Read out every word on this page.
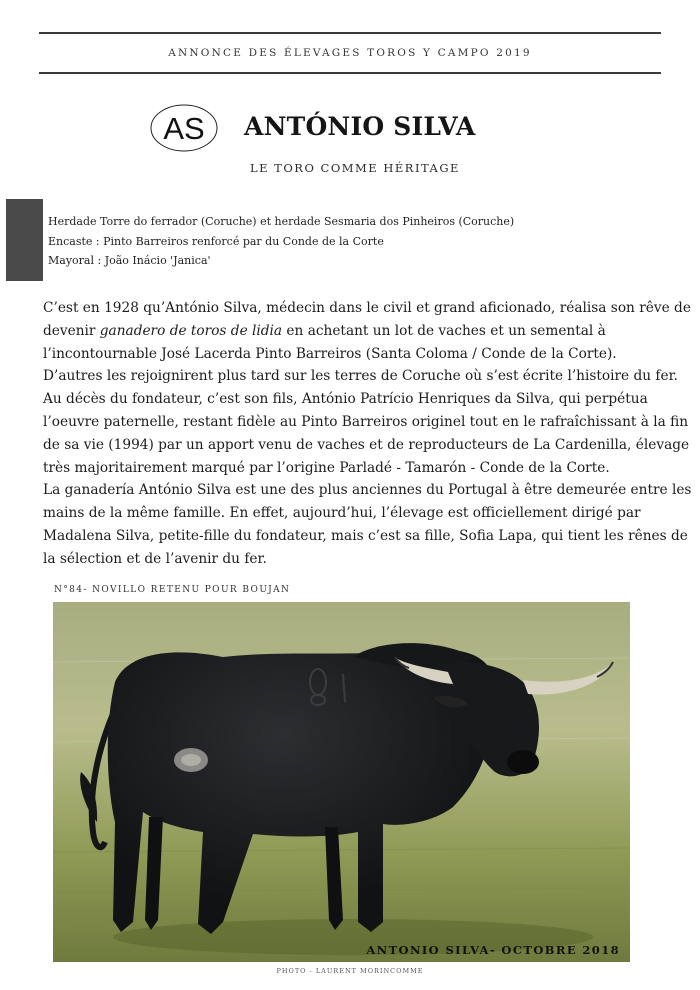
ANNONCE DES ÉLEVAGES TOROS Y CAMPO 2019
AS ANTÓNIO SILVA
LE TORO COMME HÉRITAGE
Herdade Torre do ferrador (Coruche) et herdade Sesmaria dos Pinheiros (Coruche)
Encaste : Pinto Barreiros renforcé par du Conde de la Corte
Mayoral : João Inácio 'Janica'

C’est en 1928 qu’António Silva, médecin dans le civil et grand aficionado, réalisa son rêve de devenir ganadero de toros de lidia en achetant un lot de vaches et un semental à l’incontournable José Lacerda Pinto Barreiros (Santa Coloma / Conde de la Corte).

D’autres les rejoignirent plus tard sur les terres de Coruche où s’est écrite l’histoire du fer.

Au décès du fondateur, c’est son fils, António Patrício Henriques da Silva, qui perpétua l’oeuvre paternelle, restant fidèle au Pinto Barreiros originel tout en le rafraîchissant à la fin de sa vie (1994) par un apport venu de vaches et de reproducteurs de La Cardenilla, élevage très majoritairement marqué par l’origine Parladé - Tamarón - Conde de la Corte.

La ganadería António Silva est une des plus anciennes du Portugal à être demeurée entre les mains de la même famille. En effet, aujourd’hui, l’élevage est officiellement dirigé par Madalena Silva, petite-fille du fondateur, mais c’est sa fille, Sofia Lapa, qui tient les rênes de la sélection et de l’avenir du fer.

N°84- NOVILLO RETENU POUR BOUJAN
ANTONIO SILVA- OCTOBRE 2018
PHOTO - LAURENT MORINCOMME
